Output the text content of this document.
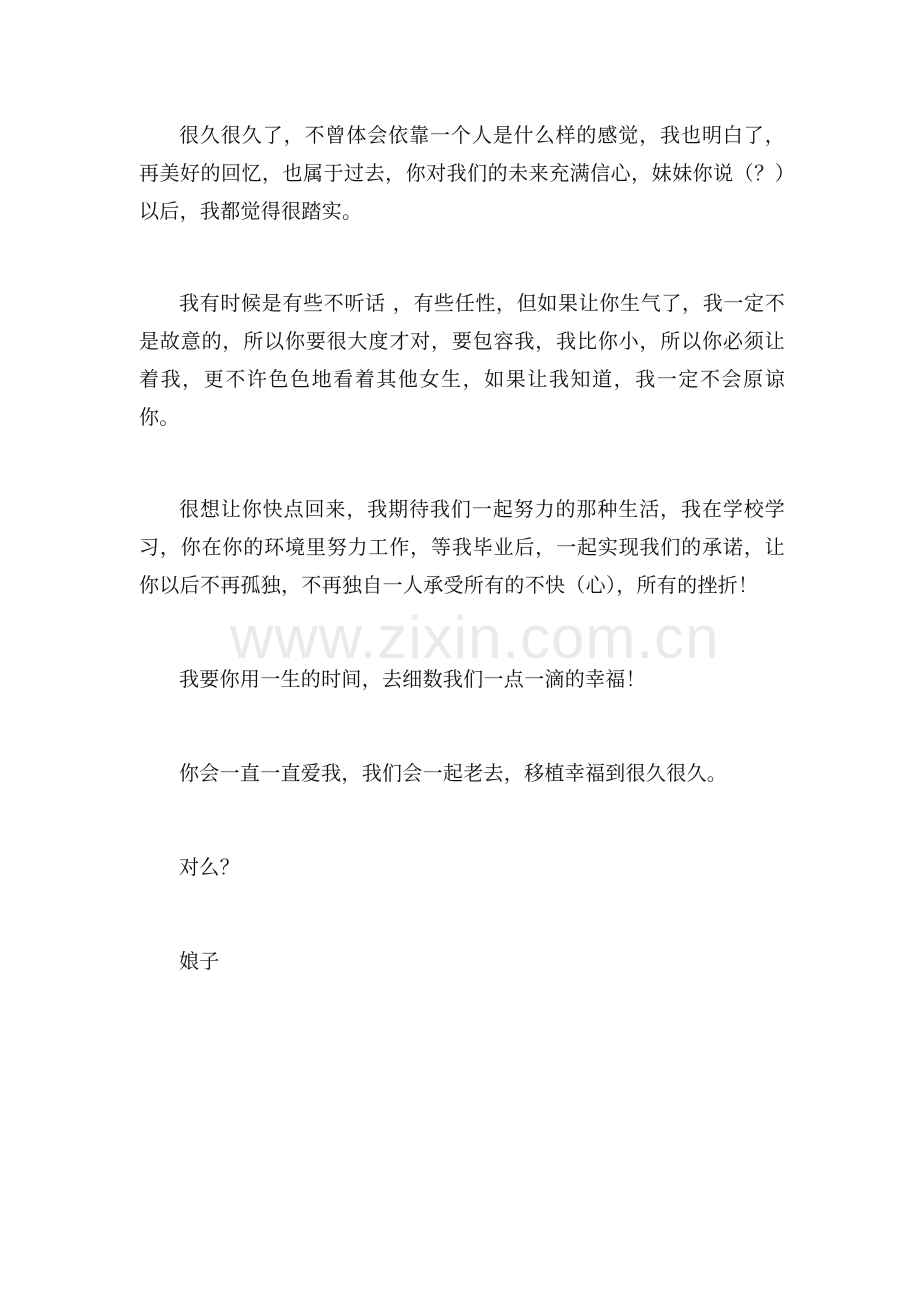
很久很久了，不曾体会依靠一个人是什么样的感觉，我也明白了，再美好的回忆，也属于过去，你对我们的未来充满信心，妹妹你说（？）以后，我都觉得很踏实。

我有时候是有些不听话 ，有些任性，但如果让你生气了，我一定不是故意的，所以你要很大度才对，要包容我，我比你小，所以你必须让着我，更不许色色地看着其他女生，如果让我知道，我一定不会原谅你。

很想让你快点回来，我期待我们一起努力的那种生活，我在学校学习，你在你的环境里努力工作，等我毕业后，一起实现我们的承诺，让你以后不再孤独，不再独自一人承受所有的不快（心），所有的挫折！

我要你用一生的时间，去细数我们一点一滴的幸福！

你会一直一直爱我，我们会一起老去，移植幸福到很久很久。

对么？

娘子

www.zixin.com.cn
